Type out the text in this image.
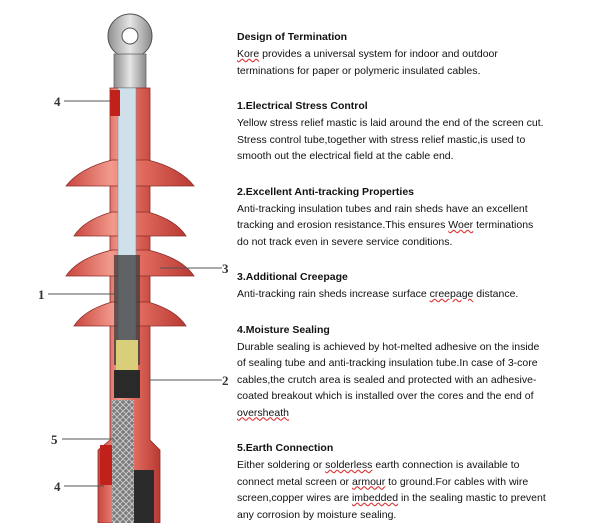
4
1
3
2
5
4
Design of Termination
Kore provides a universal system for indoor and outdoor
terminations for paper or polymeric insulated cables.
1.Electrical Stress Control
Yellow stress relief mastic is laid around the end of the screen cut.
Stress control tube,together with stress relief mastic,is used to
smooth out the electrical field at the cable end.
2.Excellent Anti-tracking Properties
Anti-tracking insulation tubes and rain sheds have an excellent
tracking and erosion resistance.This ensures Woer terminations
do not track even in severe service conditions.
3.Additional Creepage
Anti-tracking rain sheds increase surface creepage distance.
4.Moisture Sealing
Durable sealing is achieved by hot-melted adhesive on the inside
of sealing tube and anti-tracking insulation tube.In case of 3-core
cables,the crutch area is sealed and protected with an adhesive-
coated breakout which is installed over the cores and the end of
oversheath
5.Earth Connection
Either soldering or solderless earth connection is available to
connect metal screen or armour to ground.For cables with wire
screen,copper wires are imbedded in the sealing mastic to prevent
any corrosion by moisture sealing.
